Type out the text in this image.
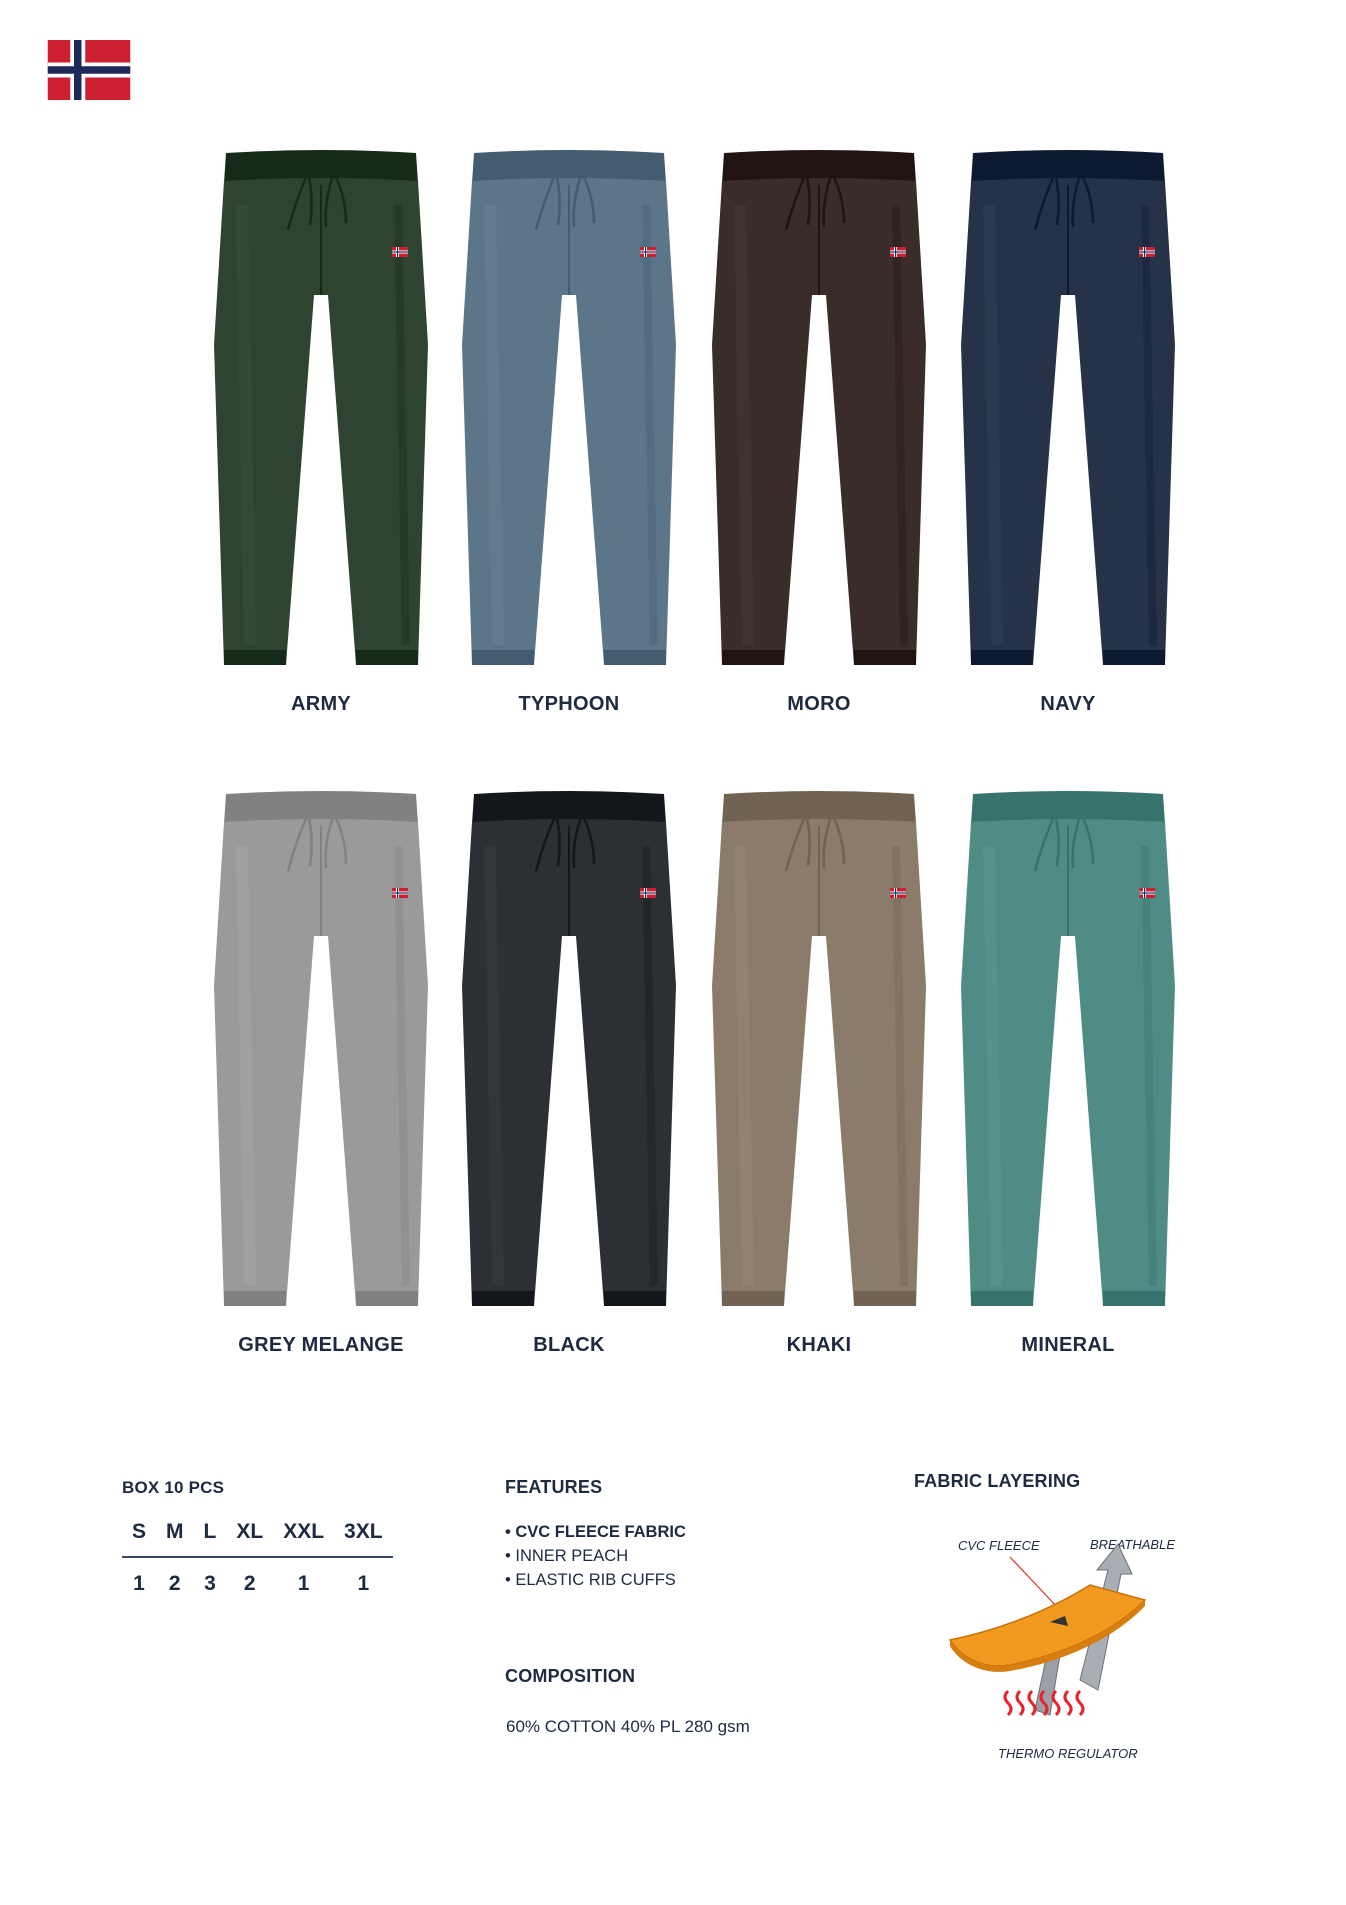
ARMY	TYPHOON	MORO	NAVY
GREY MELANGE	BLACK	KHAKI	MINERAL
BOX 10 PCS
S	M	L	XL	XXL	3XL
1	2	3	2	1	1
FEATURES
• CVC FLEECE FABRIC
• INNER PEACH
• ELASTIC RIB CUFFS
COMPOSITION
60% COTTON 40% PL 280 gsm
FABRIC LAYERING
CVC FLEECE	BREATHABLE
THERMO REGULATOR
